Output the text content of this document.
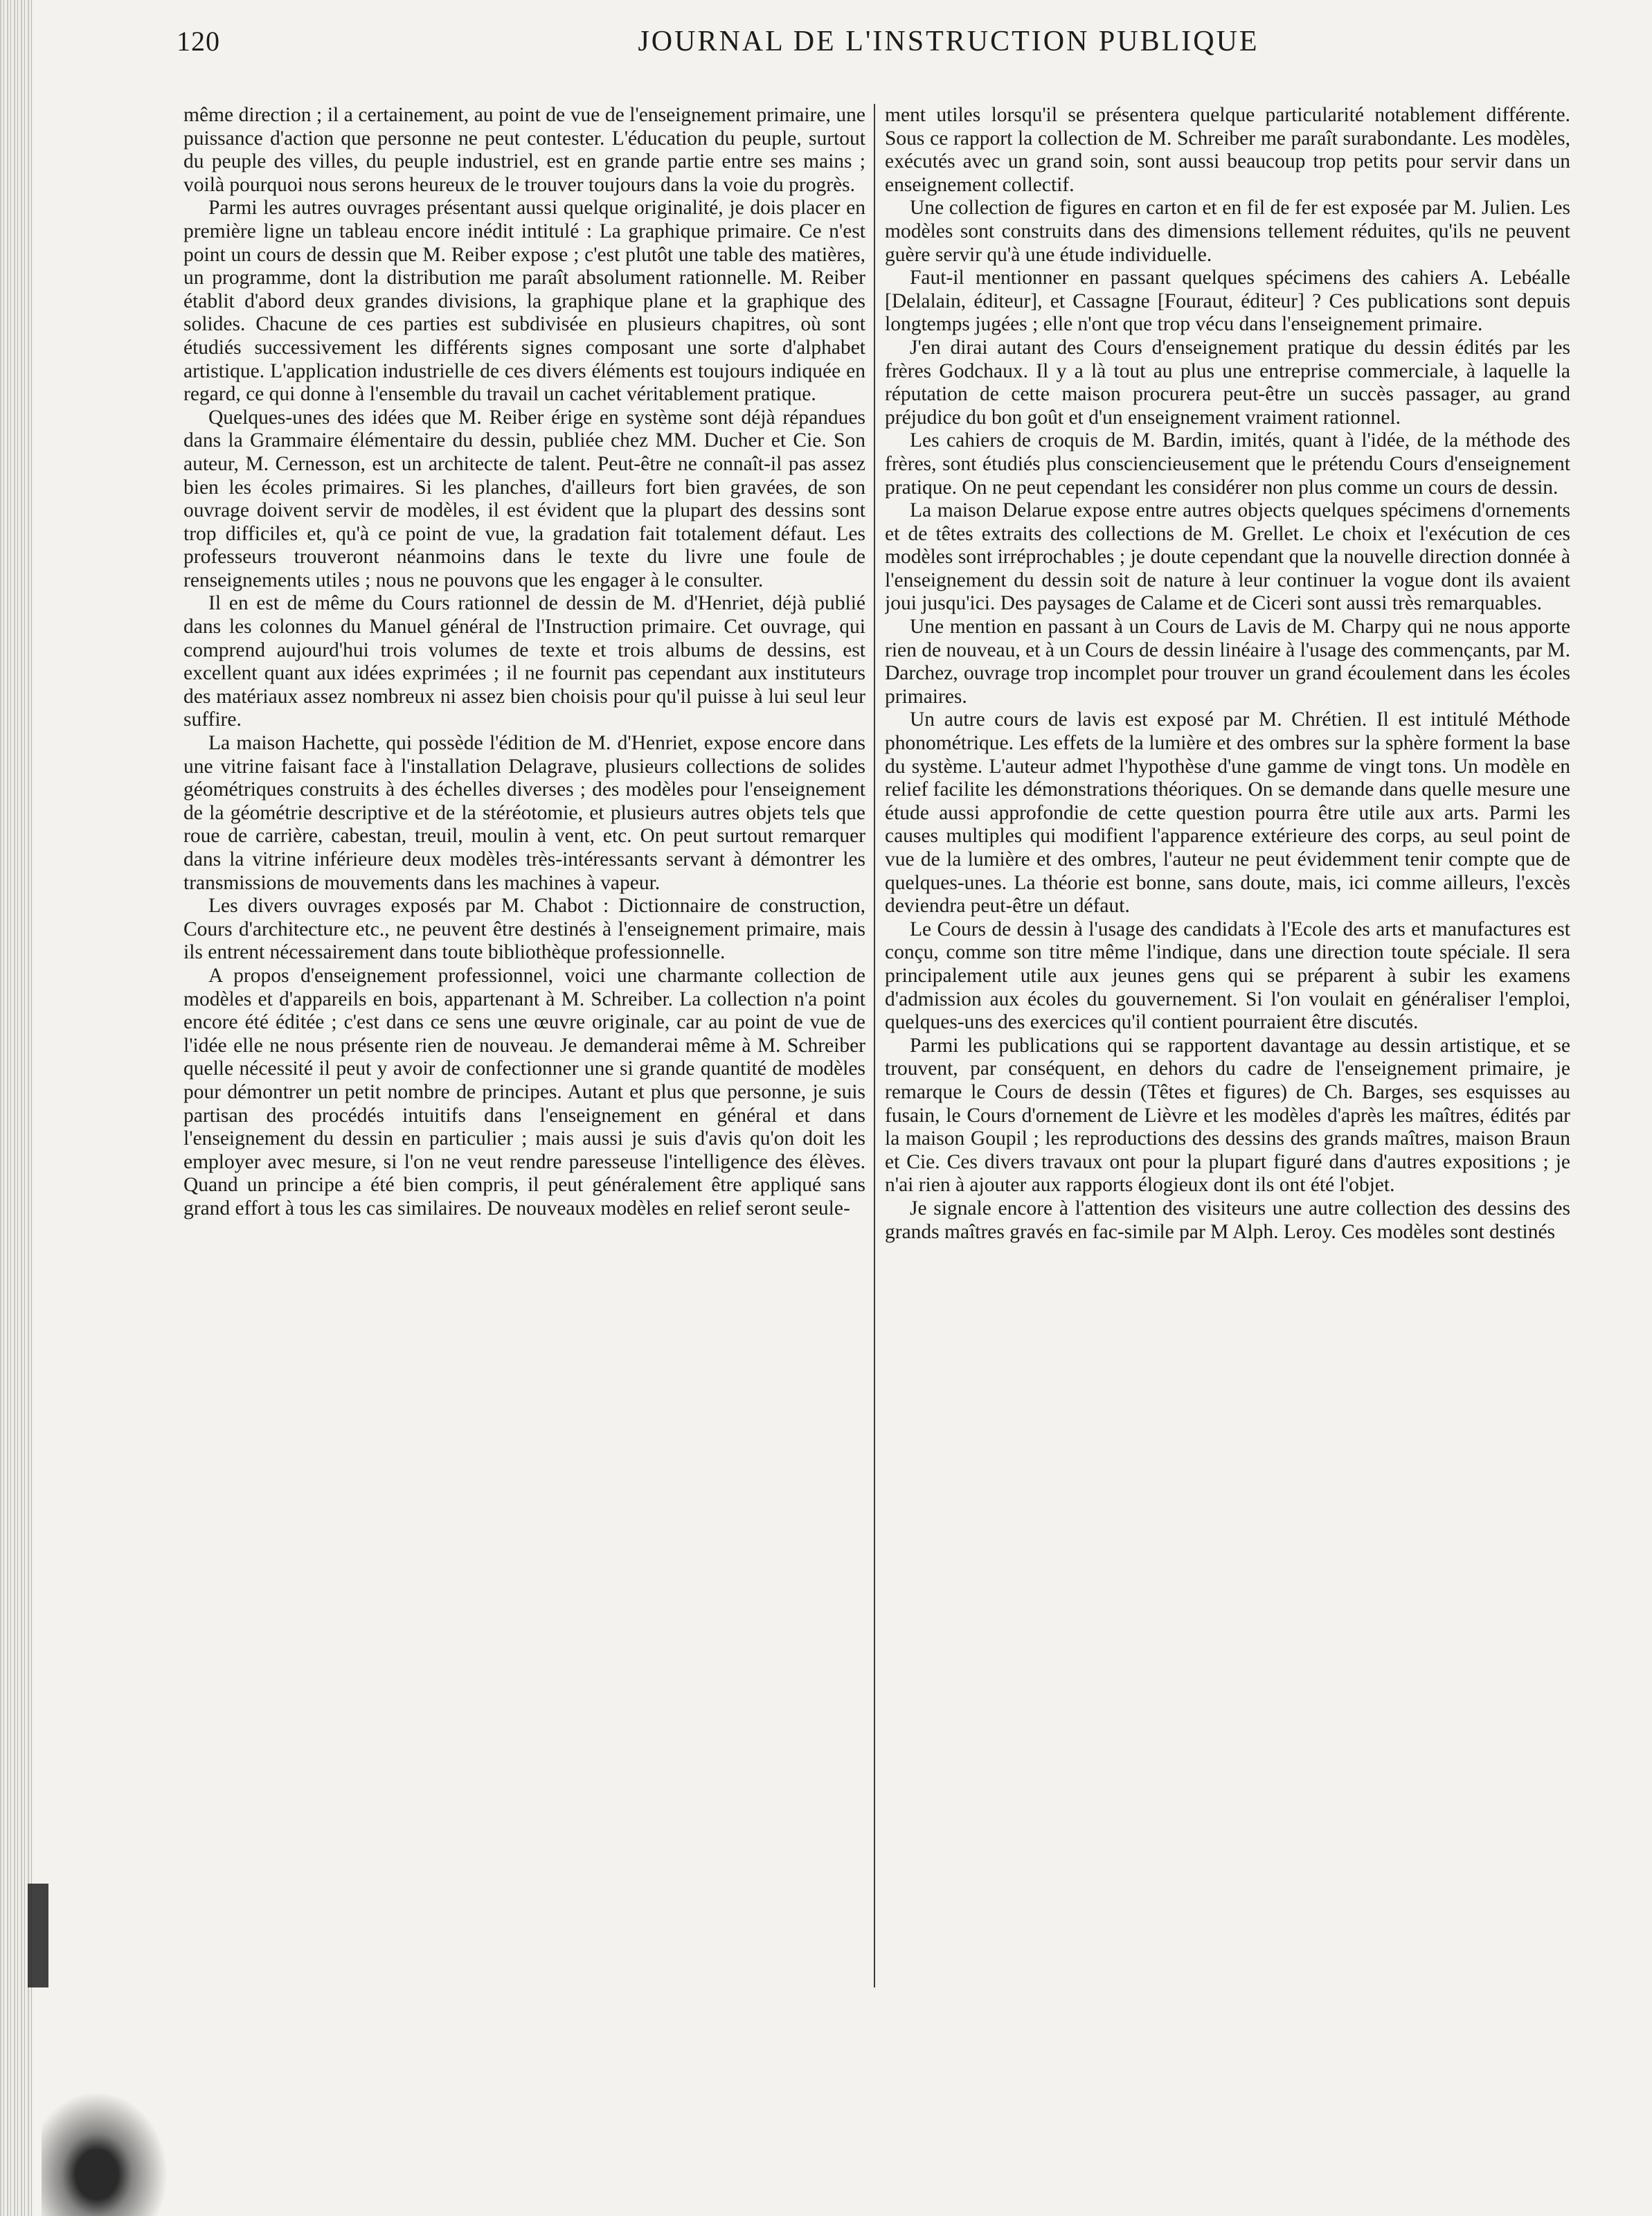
120	JOURNAL DE L'INSTRUCTION PUBLIQUE

même direction ; il a certainement, au point de vue de l'enseignement primaire, une puissance d'action que personne ne peut contester. L'éducation du peuple, surtout du peuple des villes, du peuple industriel, est en grande partie entre ses mains ; voilà pourquoi nous serons heureux de le trouver toujours dans la voie du progrès.

Parmi les autres ouvrages présentant aussi quelque originalité, je dois placer en première ligne un tableau encore inédit intitulé : La graphique primaire. Ce n'est point un cours de dessin que M. Reiber expose ; c'est plutôt une table des matières, un programme, dont la distribution me paraît absolument rationnelle. M. Reiber établit d'abord deux grandes divisions, la graphique plane et la graphique des solides. Chacune de ces parties est subdivisée en plusieurs chapitres, où sont étudiés successivement les différents signes composant une sorte d'alphabet artistique. L'application industrielle de ces divers éléments est toujours indiquée en regard, ce qui donne à l'ensemble du travail un cachet véritablement pratique.

Quelques-unes des idées que M. Reiber érige en système sont déjà répandues dans la Grammaire élémentaire du dessin, publiée chez MM. Ducher et Cie. Son auteur, M. Cernesson, est un architecte de talent. Peut-être ne connaît-il pas assez bien les écoles primaires. Si les planches, d'ailleurs fort bien gravées, de son ouvrage doivent servir de modèles, il est évident que la plupart des dessins sont trop difficiles et, qu'à ce point de vue, la gradation fait totalement défaut. Les professeurs trouveront néanmoins dans le texte du livre une foule de renseignements utiles ; nous ne pouvons que les engager à le consulter.

Il en est de même du Cours rationnel de dessin de M. d'Henriet, déjà publié dans les colonnes du Manuel général de l'Instruction primaire. Cet ouvrage, qui comprend aujourd'hui trois volumes de texte et trois albums de dessins, est excellent quant aux idées exprimées ; il ne fournit pas cependant aux instituteurs des matériaux assez nombreux ni assez bien choisis pour qu'il puisse à lui seul leur suffire.

La maison Hachette, qui possède l'édition de M. d'Henriet, expose encore dans une vitrine faisant face à l'installation Delagrave, plusieurs collections de solides géométriques construits à des échelles diverses ; des modèles pour l'enseignement de la géométrie descriptive et de la stéréotomie, et plusieurs autres objets tels que roue de carrière, cabestan, treuil, moulin à vent, etc. On peut surtout remarquer dans la vitrine inférieure deux modèles très-intéressants servant à démontrer les transmissions de mouvements dans les machines à vapeur.

Les divers ouvrages exposés par M. Chabot : Dictionnaire de construction, Cours d'architecture etc., ne peuvent être destinés à l'enseignement primaire, mais ils entrent nécessairement dans toute bibliothèque professionnelle.

A propos d'enseignement professionnel, voici une charmante collection de modèles et d'appareils en bois, appartenant à M. Schreiber. La collection n'a point encore été éditée ; c'est dans ce sens une œuvre originale, car au point de vue de l'idée elle ne nous présente rien de nouveau. Je demanderai même à M. Schreiber quelle nécessité il peut y avoir de confectionner une si grande quantité de modèles pour démontrer un petit nombre de principes. Autant et plus que personne, je suis partisan des procédés intuitifs dans l'enseignement en général et dans l'enseignement du dessin en particulier ; mais aussi je suis d'avis qu'on doit les employer avec mesure, si l'on ne veut rendre paresseuse l'intelligence des élèves. Quand un principe a été bien compris, il peut généralement être appliqué sans grand effort à tous les cas similaires. De nouveaux modèles en relief seront seule-

ment utiles lorsqu'il se présentera quelque particularité notablement différente. Sous ce rapport la collection de M. Schreiber me paraît surabondante. Les modèles, exécutés avec un grand soin, sont aussi beaucoup trop petits pour servir dans un enseignement collectif.

Une collection de figures en carton et en fil de fer est exposée par M. Julien. Les modèles sont construits dans des dimensions tellement réduites, qu'ils ne peuvent guère servir qu'à une étude individuelle.

Faut-il mentionner en passant quelques spécimens des cahiers A. Lebéalle [Delalain, éditeur], et Cassagne [Fouraut, éditeur] ? Ces publications sont depuis longtemps jugées ; elle n'ont que trop vécu dans l'enseignement primaire.

J'en dirai autant des Cours d'enseignement pratique du dessin édités par les frères Godchaux. Il y a là tout au plus une entreprise commerciale, à laquelle la réputation de cette maison procurera peut-être un succès passager, au grand préjudice du bon goût et d'un enseignement vraiment rationnel.

Les cahiers de croquis de M. Bardin, imités, quant à l'idée, de la méthode des frères, sont étudiés plus consciencieusement que le prétendu Cours d'enseignement pratique. On ne peut cependant les considérer non plus comme un cours de dessin.

La maison Delarue expose entre autres objects quelques spécimens d'ornements et de têtes extraits des collections de M. Grellet. Le choix et l'exécution de ces modèles sont irréprochables ; je doute cependant que la nouvelle direction donnée à l'enseignement du dessin soit de nature à leur continuer la vogue dont ils avaient joui jusqu'ici. Des paysages de Calame et de Ciceri sont aussi très remarquables.

Une mention en passant à un Cours de Lavis de M. Charpy qui ne nous apporte rien de nouveau, et à un Cours de dessin linéaire à l'usage des commençants, par M. Darchez, ouvrage trop incomplet pour trouver un grand écoulement dans les écoles primaires.

Un autre cours de lavis est exposé par M. Chrétien. Il est intitulé Méthode phonométrique. Les effets de la lumière et des ombres sur la sphère forment la base du système. L'auteur admet l'hypothèse d'une gamme de vingt tons. Un modèle en relief facilite les démonstrations théoriques. On se demande dans quelle mesure une étude aussi approfondie de cette question pourra être utile aux arts. Parmi les causes multiples qui modifient l'apparence extérieure des corps, au seul point de vue de la lumière et des ombres, l'auteur ne peut évidemment tenir compte que de quelques-unes. La théorie est bonne, sans doute, mais, ici comme ailleurs, l'excès deviendra peut-être un défaut.

Le Cours de dessin à l'usage des candidats à l'Ecole des arts et manufactures est conçu, comme son titre même l'indique, dans une direction toute spéciale. Il sera principalement utile aux jeunes gens qui se préparent à subir les examens d'admission aux écoles du gouvernement. Si l'on voulait en généraliser l'emploi, quelques-uns des exercices qu'il contient pourraient être discutés.

Parmi les publications qui se rapportent davantage au dessin artistique, et se trouvent, par conséquent, en dehors du cadre de l'enseignement primaire, je remarque le Cours de dessin (Têtes et figures) de Ch. Barges, ses esquisses au fusain, le Cours d'ornement de Lièvre et les modèles d'après les maîtres, édités par la maison Goupil ; les reproductions des dessins des grands maîtres, maison Braun et Cie. Ces divers travaux ont pour la plupart figuré dans d'autres expositions ; je n'ai rien à ajouter aux rapports élogieux dont ils ont été l'objet.

Je signale encore à l'attention des visiteurs une autre collection des dessins des grands maîtres gravés en fac-simile par M Alph. Leroy. Ces modèles sont destinés
